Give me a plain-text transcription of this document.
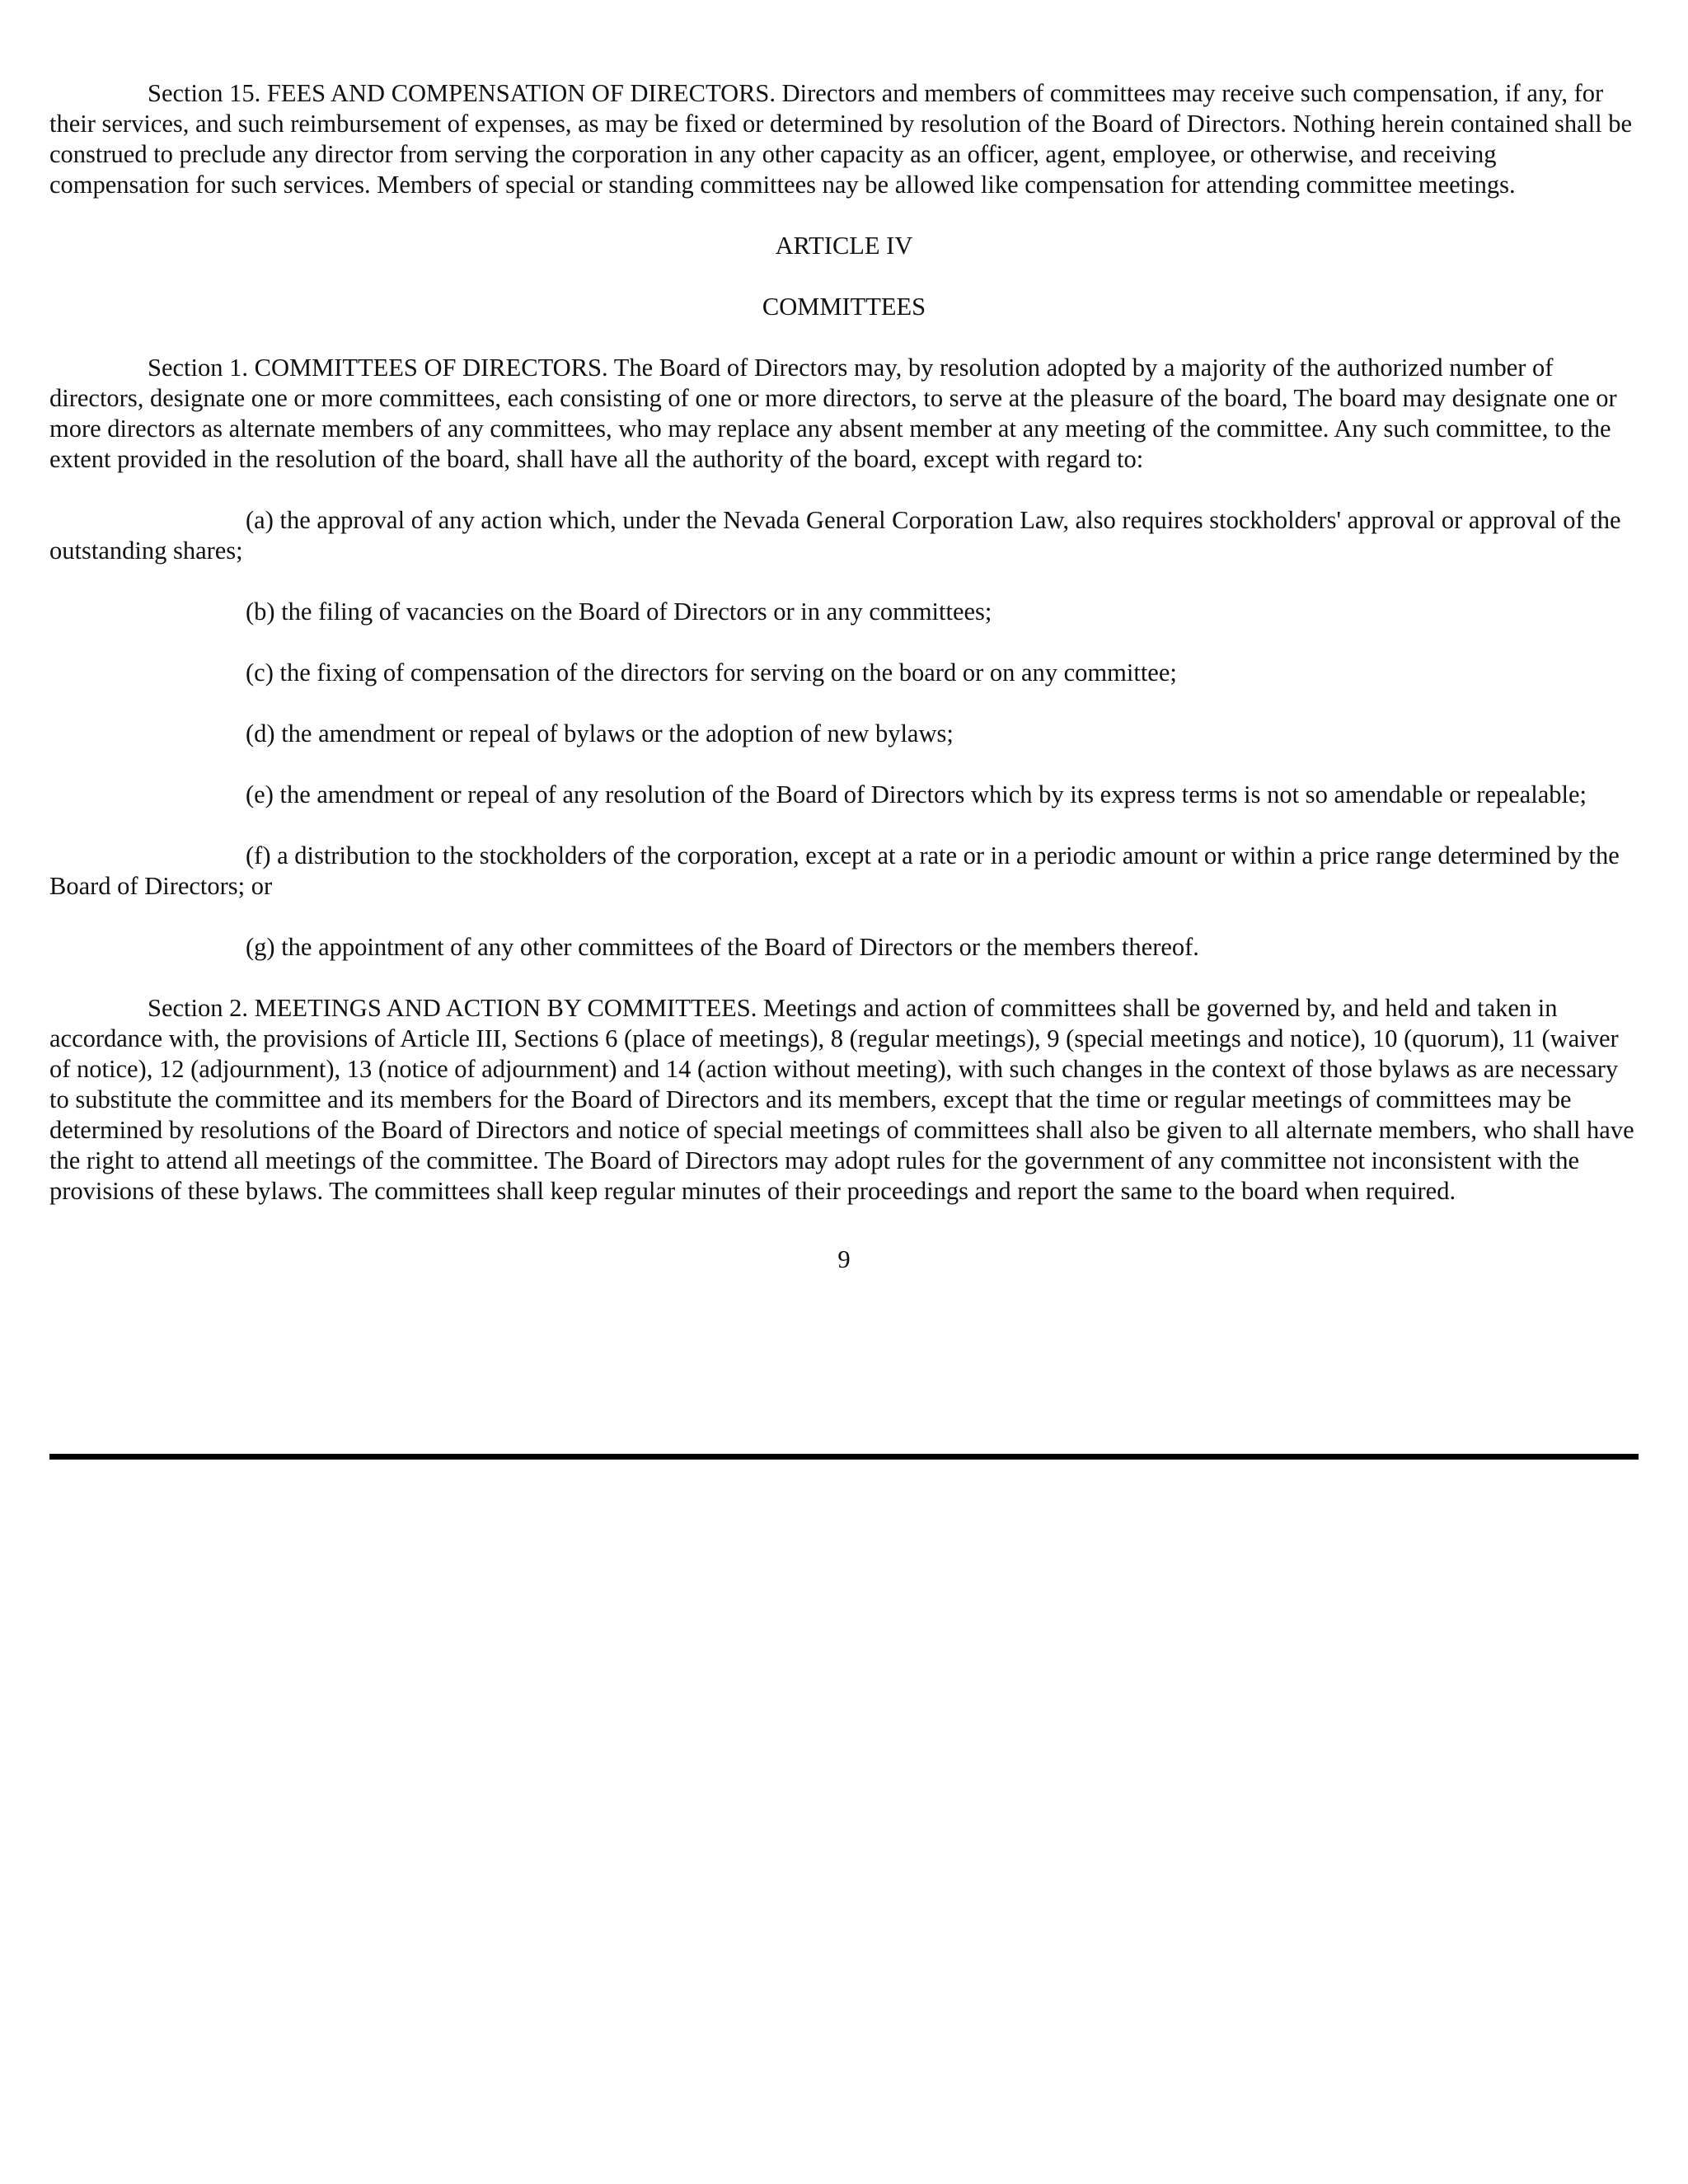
Section 15. FEES AND COMPENSATION OF DIRECTORS. Directors and members of committees may receive such compensation, if any, for their services, and such reimbursement of expenses, as may be fixed or determined by resolution of the Board of Directors. Nothing herein contained shall be construed to preclude any director from serving the corporation in any other capacity as an officer, agent, employee, or otherwise, and receiving compensation for such services. Members of special or standing committees nay be allowed like compensation for attending committee meetings.

ARTICLE IV

COMMITTEES

Section 1. COMMITTEES OF DIRECTORS. The Board of Directors may, by resolution adopted by a majority of the authorized number of directors, designate one or more committees, each consisting of one or more directors, to serve at the pleasure of the board, The board may designate one or more directors as alternate members of any committees, who may replace any absent member at any meeting of the committee. Any such committee, to the extent provided in the resolution of the board, shall have all the authority of the board, except with regard to:

(a) the approval of any action which, under the Nevada General Corporation Law, also requires stockholders' approval or approval of the outstanding shares;

(b) the filing of vacancies on the Board of Directors or in any committees;

(c) the fixing of compensation of the directors for serving on the board or on any committee;

(d) the amendment or repeal of bylaws or the adoption of new bylaws;

(e) the amendment or repeal of any resolution of the Board of Directors which by its express terms is not so amendable or repealable;

(f) a distribution to the stockholders of the corporation, except at a rate or in a periodic amount or within a price range determined by the Board of Directors; or

(g) the appointment of any other committees of the Board of Directors or the members thereof.

Section 2. MEETINGS AND ACTION BY COMMITTEES. Meetings and action of committees shall be governed by, and held and taken in accordance with, the provisions of Article III, Sections 6 (place of meetings), 8 (regular meetings), 9 (special meetings and notice), 10 (quorum), 11 (waiver of notice), 12 (adjournment), 13 (notice of adjournment) and 14 (action without meeting), with such changes in the context of those bylaws as are necessary to substitute the committee and its members for the Board of Directors and its members, except that the time or regular meetings of committees may be determined by resolutions of the Board of Directors and notice of special meetings of committees shall also be given to all alternate members, who shall have the right to attend all meetings of the committee. The Board of Directors may adopt rules for the government of any committee not inconsistent with the provisions of these bylaws. The committees shall keep regular minutes of their proceedings and report the same to the board when required.

9
